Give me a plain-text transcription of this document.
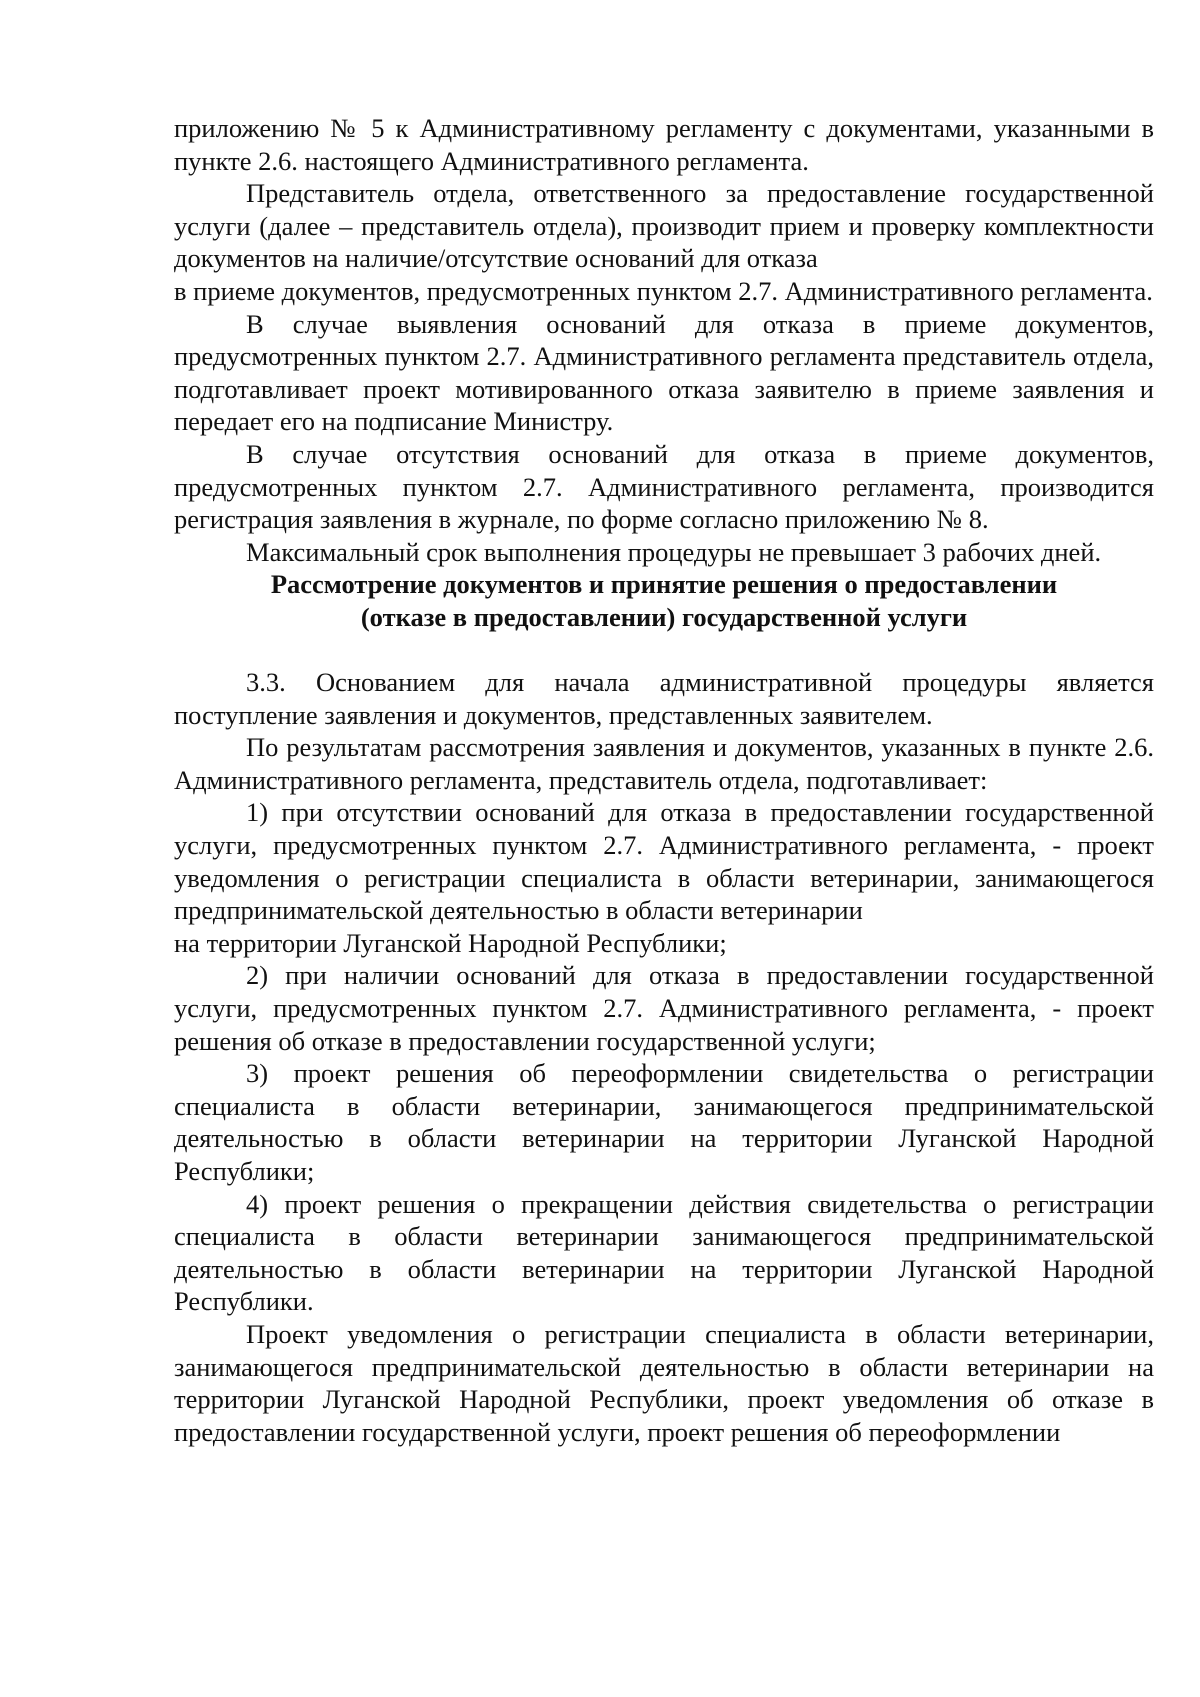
приложению № 5 к Административному регламенту с документами, указанными в пункте 2.6. настоящего Административного регламента.

Представитель отдела, ответственного за предоставление государственной услуги (далее – представитель отдела), производит прием и проверку комплектности документов на наличие/отсутствие оснований для отказа

в приеме документов, предусмотренных пунктом 2.7. Административного регламента.

В случае выявления оснований для отказа в приеме документов, предусмотренных пунктом 2.7. Административного регламента представитель отдела, подготавливает проект мотивированного отказа заявителю в приеме заявления и передает его на подписание Министру.

В случае отсутствия оснований для отказа в приеме документов, предусмотренных пунктом 2.7. Административного регламента, производится регистрация заявления в журнале, по форме согласно приложению № 8.

Максимальный срок выполнения процедуры не превышает 3 рабочих дней.

Рассмотрение документов и принятие решения о предоставлении

(отказе в предоставлении) государственной услуги

3.3. Основанием для начала административной процедуры является поступление заявления и документов, представленных заявителем.

По результатам рассмотрения заявления и документов, указанных в пункте 2.6. Административного регламента, представитель отдела, подготавливает:

1) при отсутствии оснований для отказа в предоставлении государственной услуги, предусмотренных пунктом 2.7. Административного регламента, - проект уведомления о регистрации специалиста в области ветеринарии, занимающегося предпринимательской деятельностью в области ветеринарии

на территории Луганской Народной Республики;

2) при наличии оснований для отказа в предоставлении государственной услуги, предусмотренных пунктом 2.7. Административного регламента, - проект решения об отказе в предоставлении государственной услуги;

3) проект решения об переоформлении свидетельства о регистрации специалиста в области ветеринарии, занимающегося предпринимательской деятельностью в области ветеринарии на территории Луганской Народной Республики;

4) проект решения о прекращении действия свидетельства о регистрации специалиста в области ветеринарии занимающегося предпринимательской деятельностью в области ветеринарии на территории Луганской Народной Республики.

Проект уведомления о регистрации специалиста в области ветеринарии, занимающегося предпринимательской деятельностью в области ветеринарии на территории Луганской Народной Республики, проект уведомления об отказе в предоставлении государственной услуги, проект решения об переоформлении
